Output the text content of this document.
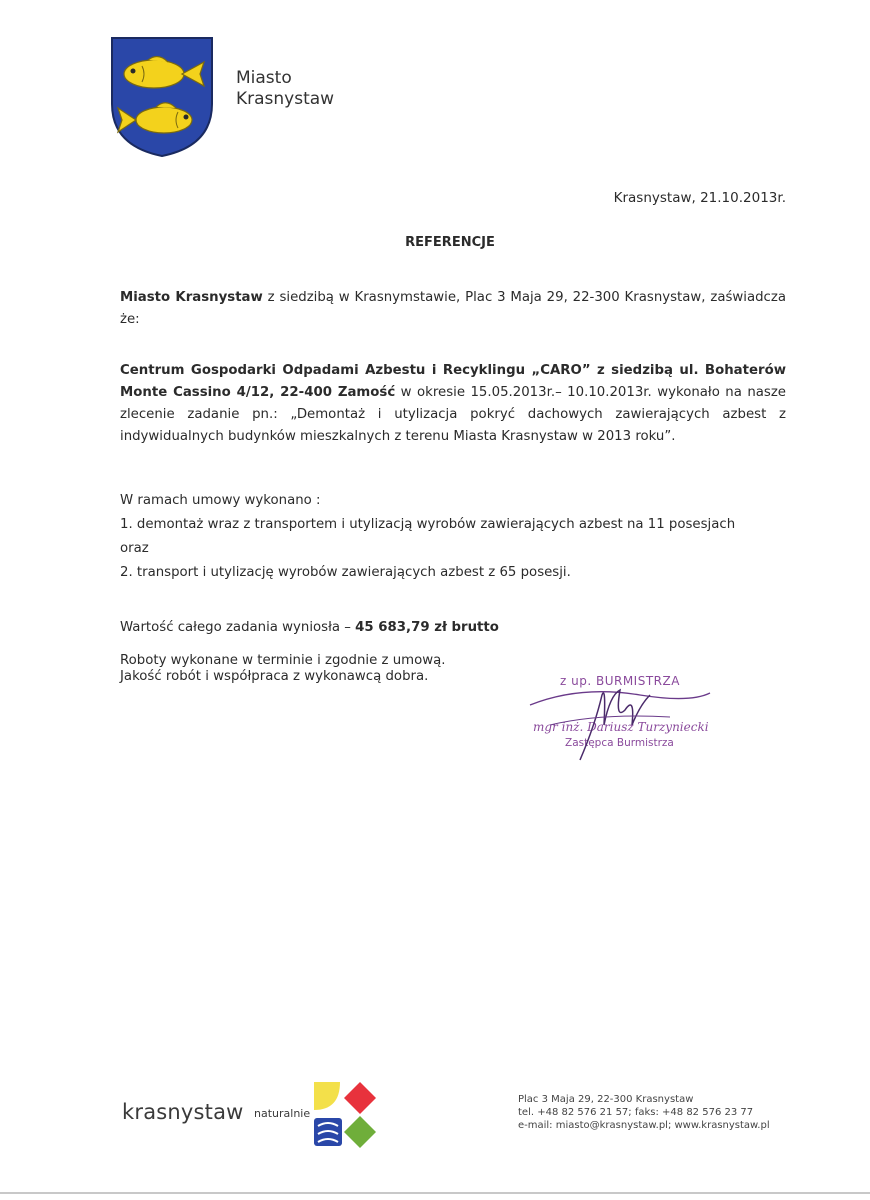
Miasto
Krasnystaw
Krasnystaw, 21.10.2013r.
REFERENCJE
Miasto Krasnystaw z siedzibą w Krasnymstawie, Plac 3 Maja 29, 22-300 Krasnystaw, zaświadcza że:
Centrum Gospodarki Odpadami Azbestu i Recyklingu „CARO” z siedzibą ul. Bohaterów Monte Cassino 4/12, 22-400 Zamość w okresie 15.05.2013r.– 10.10.2013r. wykonało na nasze zlecenie zadanie pn.: „Demontaż i utylizacja pokryć dachowych zawierających azbest z indywidualnych budynków mieszkalnych z terenu Miasta Krasnystaw w 2013 roku”.
W ramach umowy wykonano :
1. demontaż wraz z transportem i utylizacją wyrobów zawierających azbest na 11 posesjach
oraz
2. transport i utylizację wyrobów zawierających azbest z 65 posesji.
Wartość całego zadania wyniosła – 45 683,79 zł brutto
Roboty wykonane w terminie i zgodnie z umową.
Jakość robót i współpraca z wykonawcą dobra.	z up. BURMISTRZA
mgr inż. Dariusz Turzyniecki
Zastępca Burmistrza
krasnystaw naturalnie
Plac 3 Maja 29, 22-300 Krasnystaw
tel. +48 82 576 21 57; faks: +48 82 576 23 77
e-mail: miasto@krasnystaw.pl; www.krasnystaw.pl
